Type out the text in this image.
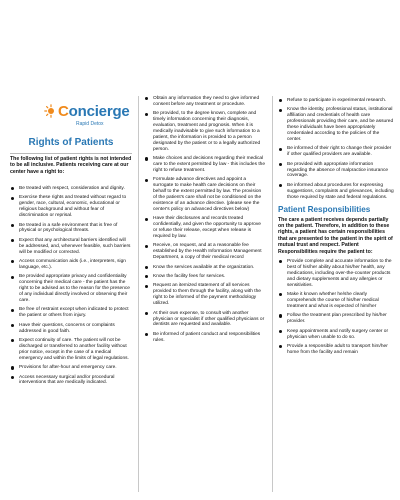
Concierge
Rapid Detox
Rights of Patients
The following list of patient rights is not intended to be all inclusive. Patients receiving care at our center have a right to:
Be treated with respect, consideration and dignity.
Exercise these rights and treated without regard to gender, race, cultural, economic, educational or religious background and without fear of discrimination or reprisal.
Be treated in a safe environment that is free of physical or psychological threats.
Expect that any architectural barriers identified will be addressed, and, whenever feasible, such barriers will be modified or corrected.
Access communication aids (i.e., interpreters, sign language, etc.).
Be provided appropriate privacy and confidentiality concerning their medical care - the patient has the right to be advised as to the reason for the presence of any individual directly involved or observing their care.
Be free of restraint except when indicated to protect the patient or others from injury.
Have their questions, concerns or complaints addressed in good faith.
Expect continuity of care. The patient will not be discharged or transferred to another facility without prior notice, except in the case of a medical emergency and within the limits of legal regulations.
Provisions for after-hour and emergency care.
Access necessary surgical and/or procedural interventions that are medically indicated.
Obtain any information they need to give informed consent before any treatment or procedure.
Be provided, to the degree known, complete and timely information concerning their diagnosis, evaluation, treatment and prognosis. When it is medically inadvisable to give such information to a patient, the information is provided to a person designated by the patient or to a legally authorized person.
Make choices and decisions regarding their medical care to the extent permitted by law - this includes the right to refuse treatment.
Formulate advance directives and appoint a surrogate to make health care decisions on their behalf to the extent permitted by law. The provision of the patient's care shall not be conditioned on the existence of an advance directive. (please see the center's policy on advanced directives below)
Have their disclosures and records treated confidentially, and given the opportunity to approve or refuse their release, except when release is required by law.
Receive, on request, and at a reasonable fee established by the Health Information Management Department, a copy of their medical record
Know the services available at the organization.
Know the facility fees for services.
Request an itemized statement of all services provided to them through the facility, along with the right to be informed of the payment methodology utilized.
At their own expense, to consult with another physician or specialist if other qualified physicians or dentists are requested and available.
Be informed of patient conduct and responsibilities rules.
Refuse to participate in experimental research.
Know the identity, professional status, institutional affiliation and credentials of health care professionals providing their care, and be assured these individuals have been appropriately credentialed according to the policies of the center.
Be informed of their right to change their provider if other qualified providers are available.
Be provided with appropriate information regarding the absence of malpractice insurance coverage.
Be informed about procedures for expressing suggestions, complaints and grievances, including those required by state and federal regulations.
Patient Responsibilities
The care a patient receives depends partially on the patient. Therefore, in addition to these rights, a patient has certain responsibilities that are presented to the patient in the spirit of mutual trust and respect. Patient Responsibilities require the patient to:
Provide complete and accurate information to the best of his/her ability about his/her health, any medications, including over-the-counter products and dietary supplements and any allergies or sensitivities.
Make it known whether he/she clearly comprehends the course of his/her medical treatment and what is expected of him/her
Follow the treatment plan prescribed by his/her provider.
Keep appointments and notify surgery center or physician when unable to do so.
Provide a responsible adult to transport him/her home from the facility and remain
